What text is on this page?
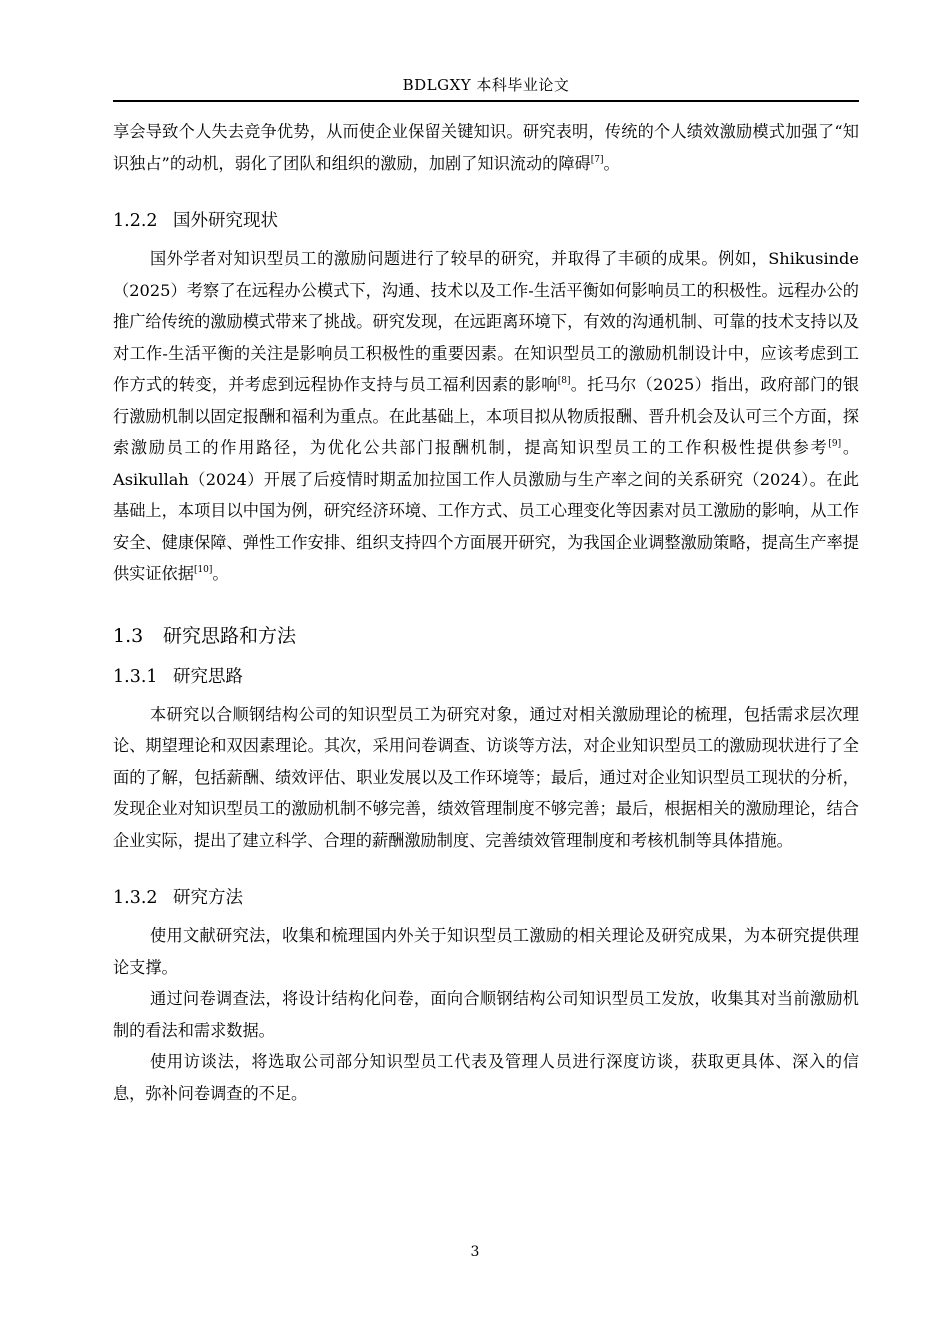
BDLGXY 本科毕业论文

享会导致个人失去竞争优势，从而使企业保留关键知识。研究表明，传统的个人绩效激励模式加强了“知识独占”的动机，弱化了团队和组织的激励，加剧了知识流动的障碍[7]。

1.2.2 国外研究现状

国外学者对知识型员工的激励问题进行了较早的研究，并取得了丰硕的成果。例如，Shikusinde（2025）考察了在远程办公模式下，沟通、技术以及工作-生活平衡如何影响员工的积极性。远程办公的推广给传统的激励模式带来了挑战。研究发现，在远距离环境下，有效的沟通机制、可靠的技术支持以及对工作-生活平衡的关注是影响员工积极性的重要因素。在知识型员工的激励机制设计中，应该考虑到工作方式的转变，并考虑到远程协作支持与员工福利因素的影响[8]。托马尔（2025）指出，政府部门的银行激励机制以固定报酬和福利为重点。在此基础上，本项目拟从物质报酬、晋升机会及认可三个方面，探索激励员工的作用路径，为优化公共部门报酬机制，提高知识型员工的工作积极性提供参考[9]。Asikullah（2024）开展了后疫情时期孟加拉国工作人员激励与生产率之间的关系研究（2024）。在此基础上，本项目以中国为例，研究经济环境、工作方式、员工心理变化等因素对员工激励的影响，从工作安全、健康保障、弹性工作安排、组织支持四个方面展开研究，为我国企业调整激励策略，提高生产率提供实证依据[10]。

1.3 研究思路和方法
1.3.1 研究思路

本研究以合顺钢结构公司的知识型员工为研究对象，通过对相关激励理论的梳理，包括需求层次理论、期望理论和双因素理论。其次，采用问卷调查、访谈等方法，对企业知识型员工的激励现状进行了全面的了解，包括薪酬、绩效评估、职业发展以及工作环境等；最后，通过对企业知识型员工现状的分析，发现企业对知识型员工的激励机制不够完善，绩效管理制度不够完善；最后，根据相关的激励理论，结合企业实际，提出了建立科学、合理的薪酬激励制度、完善绩效管理制度和考核机制等具体措施。

1.3.2 研究方法

使用文献研究法，收集和梳理国内外关于知识型员工激励的相关理论及研究成果，为本研究提供理论支撑。

通过问卷调查法，将设计结构化问卷，面向合顺钢结构公司知识型员工发放，收集其对当前激励机制的看法和需求数据。

使用访谈法，将选取公司部分知识型员工代表及管理人员进行深度访谈，获取更具体、深入的信息，弥补问卷调查的不足。

3
